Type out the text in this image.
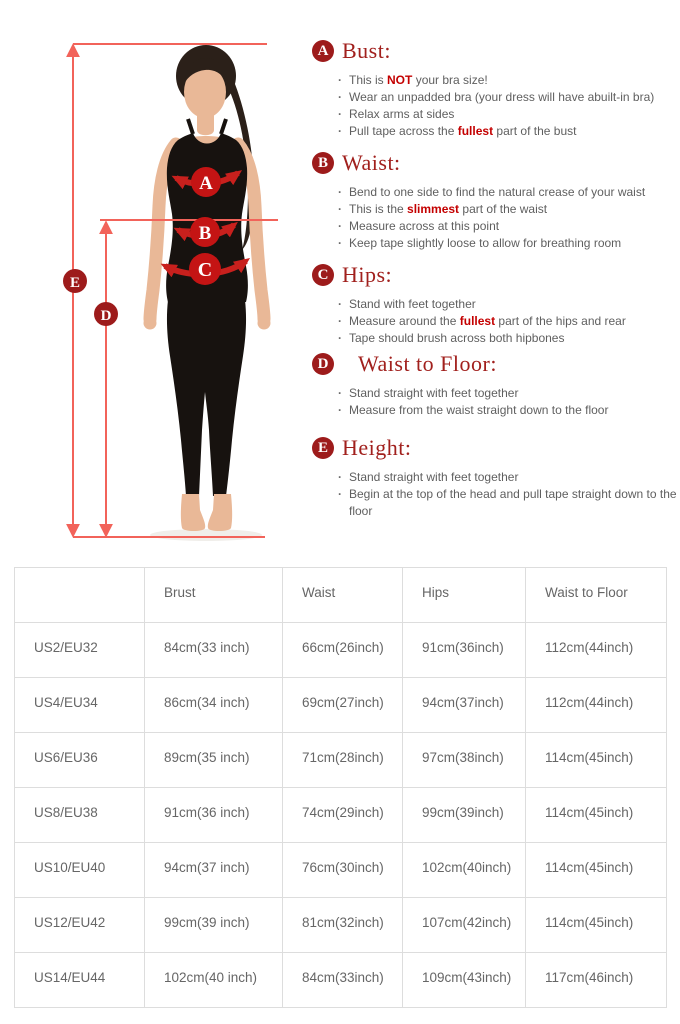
A
B
C
D
E
A Bust:
· This is NOT your bra size!
· Wear an unpadded bra (your dress will have abuilt-in bra)
· Relax arms at sides
· Pull tape across the fullest part of the bust
B Waist:
· Bend to one side to find the natural crease of your waist
· This is the slimmest part of the waist
· Measure across at this point
· Keep tape slightly loose to allow for breathing room
C Hips:
· Stand with feet together
· Measure around the fullest part of the hips and rear
· Tape should brush across both hipbones
D	Waist to Floor:
· Stand straight with feet together
· Measure from the waist straight down to the floor
E Height:
· Stand straight with feet together
· Begin at the top of the head and pull tape straight down to the floor
	Brust	Waist	Hips	Waist to Floor
US2/EU32	84cm(33 inch)	66cm(26inch)	91cm(36inch)	112cm(44inch)
US4/EU34	86cm(34 inch)	69cm(27inch)	94cm(37inch)	112cm(44inch)
US6/EU36	89cm(35 inch)	71cm(28inch)	97cm(38inch)	114cm(45inch)
US8/EU38	91cm(36 inch)	74cm(29inch)	99cm(39inch)	114cm(45inch)
US10/EU40	94cm(37 inch)	76cm(30inch)	102cm(40inch)	114cm(45inch)
US12/EU42	99cm(39 inch)	81cm(32inch)	107cm(42inch)	114cm(45inch)
US14/EU44	102cm(40 inch)	84cm(33inch)	109cm(43inch)	117cm(46inch)
